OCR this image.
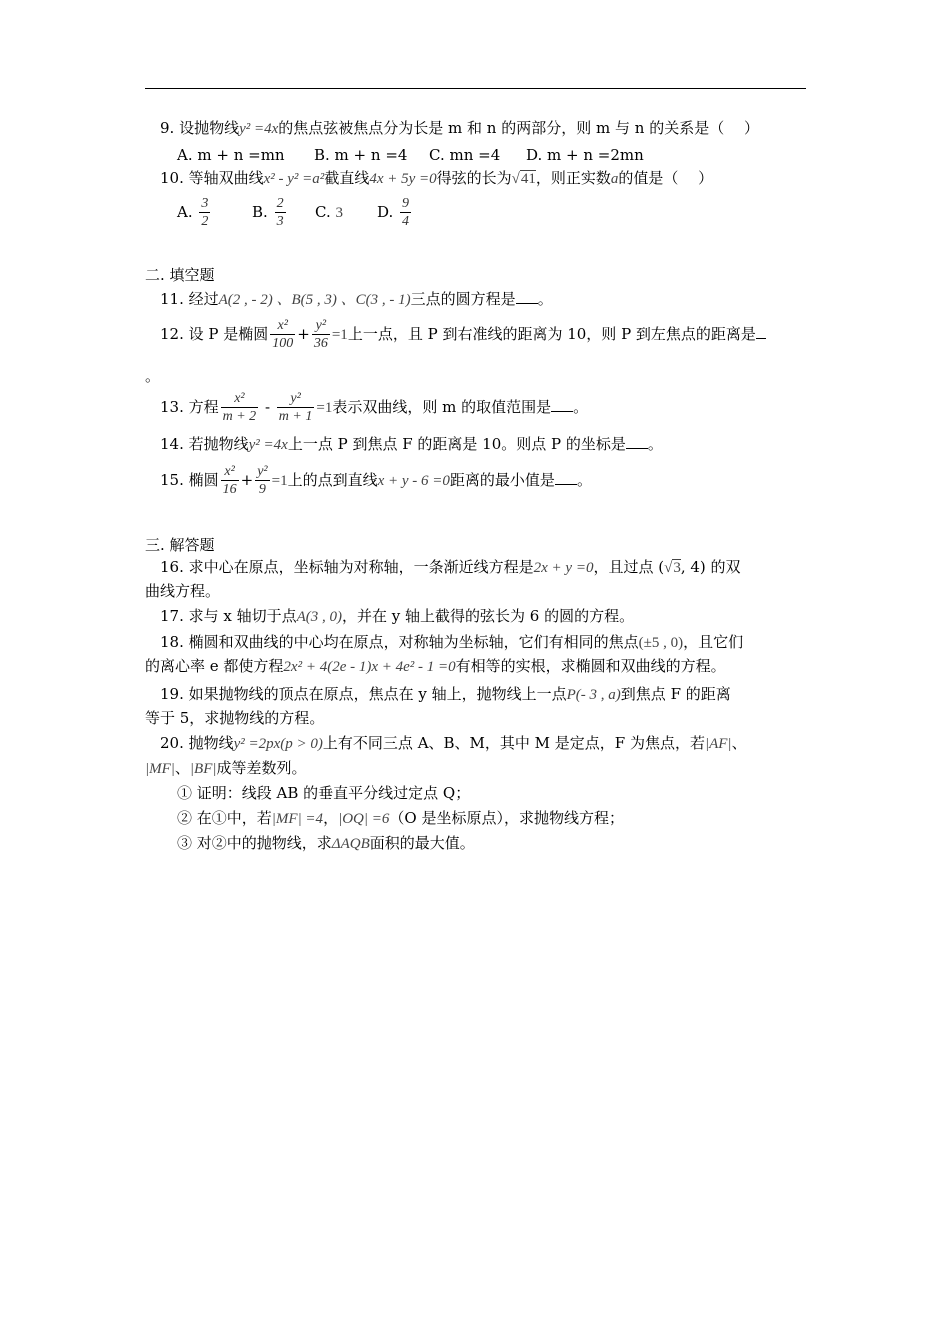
9. 设抛物线y² =4x的焦点弦被焦点分为长是 m 和 n 的两部分，则 m 与 n 的关系是（　 ）
A. m + n =mn B. m + n =4 C. mn =4 D. m + n =2mn
10. 等轴双曲线x² - y² =a²截直线4x + 5y =0得弦的长为√41，则正实数a的值是（　 ）
A. $\frac{3}{2}$	B. $\frac{2}{3} C$. 3 D. $\frac{9}{4}$
二. 填空题
11. 经过A(2 , - 2) 、B(5 , 3) 、C(3 , - 1)三点的圆方程是 。
12. 设 P 是椭圆 $\frac{\text{x²}}{100} + \frac{\text{y²}}{36} =1$上一点，且 P 到右准线的距离为 10，则 P 到左焦点的距离是
。
13. 方程 $\frac{\text{x²}}{m + 2} - \frac{\text{y²}}{m + 1} =1$表示双曲线，则 m 的取值范围是 。
14. 若抛物线y² =4x上一点 P 到焦点 F 的距离是 10。则点 P 的坐标是 。
15. 椭圆 $\frac{\text{x²}}{16} + \frac{\text{y²}}{9} =1$上的点到直线x + y - 6 =0距离的最小值是 。
三. 解答题
16. 求中心在原点，坐标轴为对称轴，一条渐近线方程是2x + y =0，且过点 (√3, 4) 的双
曲线方程。
17. 求与 x 轴切于点A(3 , 0)，并在 y 轴上截得的弦长为 6 的圆的方程。
18. 椭圆和双曲线的中心均在原点，对称轴为坐标轴，它们有相同的焦点(±5 , 0)，且它们
的离心率 e 都使方程2x² + 4(2e - 1)x + 4e² - 1 =0有相等的实根，求椭圆和双曲线的方程。
19. 如果抛物线的顶点在原点，焦点在 y 轴上，抛物线上一点P(- 3 , a)到焦点 F 的距离
等于 5，求抛物线的方程。
20. 抛物线y² =2px(p > 0)上有不同三点 A、B、M，其中 M 是定点，F 为焦点，若|AF|、
|MF|、|BF|成等差数列。
① 证明：线段 AB 的垂直平分线过定点 Q；
② 在①中，若|MF| =4，|OQ| =6（O 是坐标原点），求抛物线方程；
③ 对②中的抛物线，求ΔAQB面积的最大值。
